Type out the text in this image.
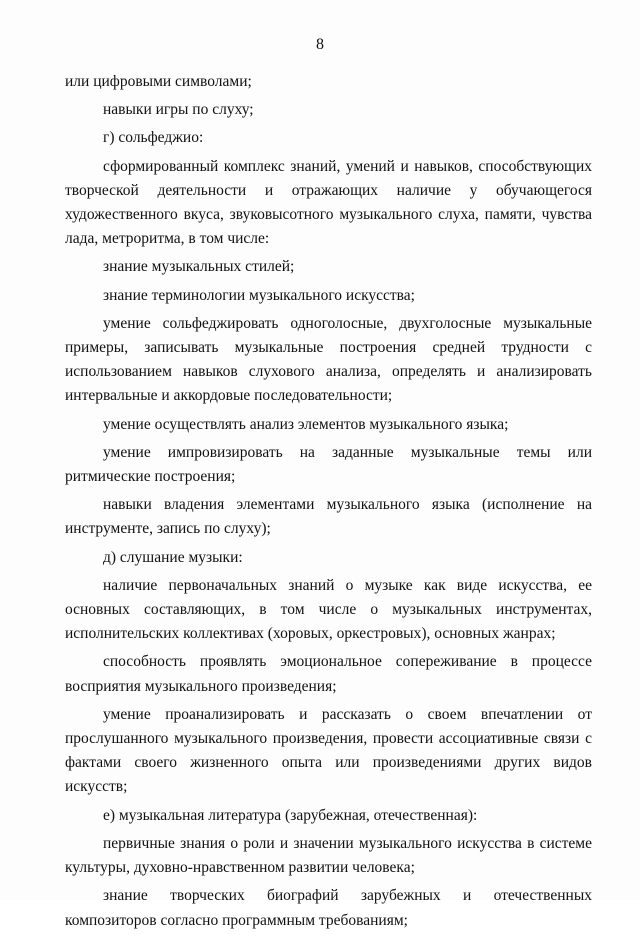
8

или цифровыми символами;

навыки игры по слуху;

г) сольфеджио:

сформированный комплекс знаний, умений и навыков, способствующих творческой деятельности и отражающих наличие у обучающегося художественного вкуса, звуковысотного музыкального слуха, памяти, чувства лада, метроритма, в том числе:

знание музыкальных стилей;

знание терминологии музыкального искусства;

умение сольфеджировать одноголосные, двухголосные музыкальные примеры, записывать музыкальные построения средней трудности с использованием навыков слухового анализа, определять и анализировать интервальные и аккордовые последовательности;

умение осуществлять анализ элементов музыкального языка;

умение импровизировать на заданные музыкальные темы или ритмические построения;

навыки владения элементами музыкального языка (исполнение на инструменте, запись по слуху);

д) слушание музыки:

наличие первоначальных знаний о музыке как виде искусства, ее основных составляющих, в том числе о музыкальных инструментах, исполнительских коллективах (хоровых, оркестровых), основных жанрах;

способность проявлять эмоциональное сопереживание в процессе восприятия музыкального произведения;

умение проанализировать и рассказать о своем впечатлении от прослушанного музыкального произведения, провести ассоциативные связи с фактами своего жизненного опыта или произведениями других видов искусств;

е) музыкальная литература (зарубежная, отечественная):

первичные знания о роли и значении музыкального искусства в системе культуры, духовно-нравственном развитии человека;

знание творческих биографий зарубежных и отечественных композиторов согласно программным требованиям;
